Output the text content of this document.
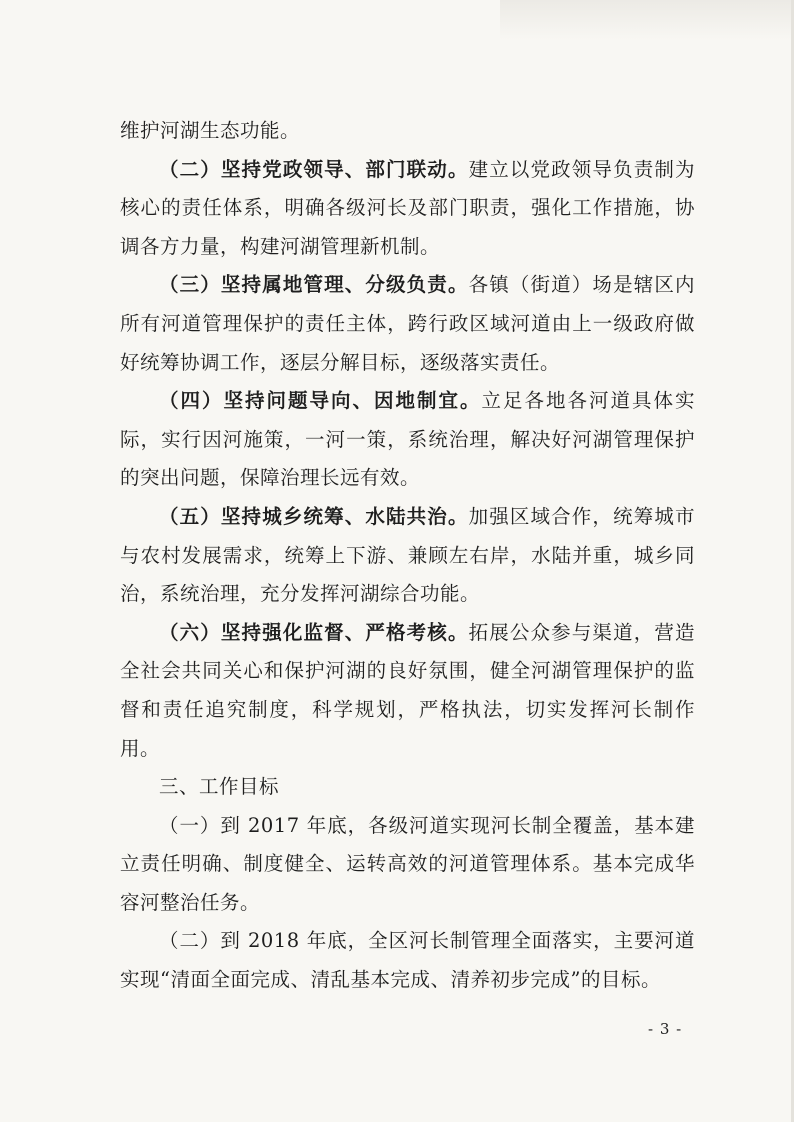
维护河湖生态功能。

（二）坚持党政领导、部门联动。建立以党政领导负责制为核心的责任体系，明确各级河长及部门职责，强化工作措施，协调各方力量，构建河湖管理新机制。

（三）坚持属地管理、分级负责。各镇（街道）场是辖区内所有河道管理保护的责任主体，跨行政区域河道由上一级政府做好统筹协调工作，逐层分解目标，逐级落实责任。

（四）坚持问题导向、因地制宜。立足各地各河道具体实际，实行因河施策，一河一策，系统治理，解决好河湖管理保护的突出问题，保障治理长远有效。

（五）坚持城乡统筹、水陆共治。加强区域合作，统筹城市与农村发展需求，统筹上下游、兼顾左右岸，水陆并重，城乡同治，系统治理，充分发挥河湖综合功能。

（六）坚持强化监督、严格考核。拓展公众参与渠道，营造全社会共同关心和保护河湖的良好氛围，健全河湖管理保护的监督和责任追究制度，科学规划，严格执法，切实发挥河长制作用。

三、工作目标

（一）到 2017 年底，各级河道实现河长制全覆盖，基本建立责任明确、制度健全、运转高效的河道管理体系。基本完成华容河整治任务。

（二）到 2018 年底，全区河长制管理全面落实，主要河道实现“清面全面完成、清乱基本完成、清养初步完成”的目标。

- 3 -
